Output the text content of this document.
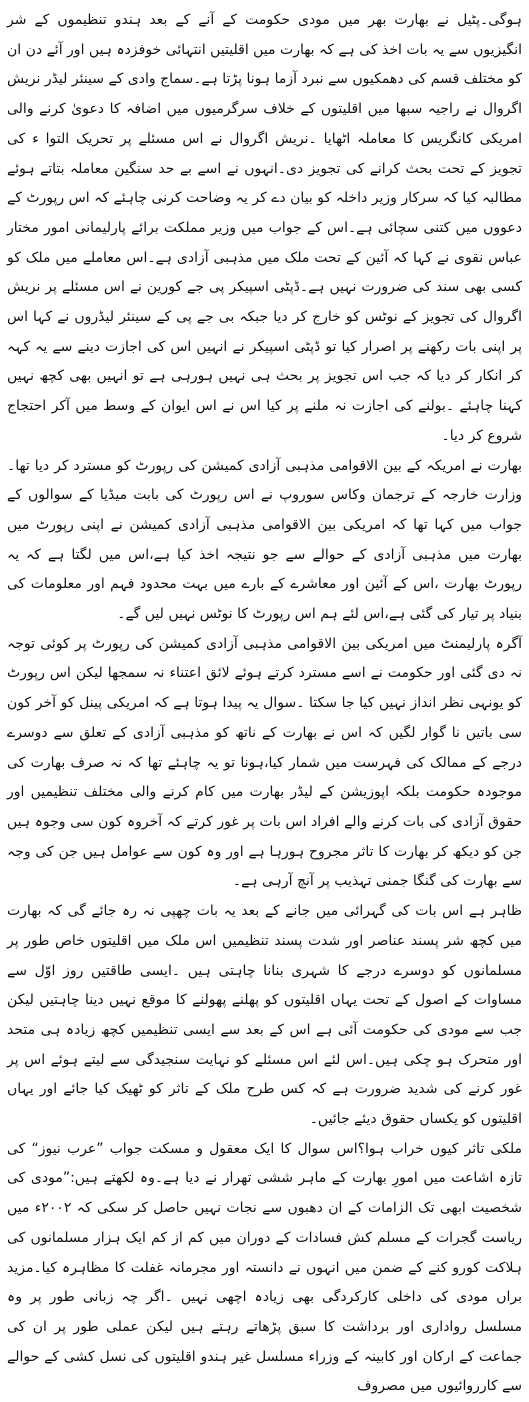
ہوگی۔پٹیل نے بھارت بھر میں مودی حکومت کے آنے کے بعد ہندو تنظیموں کے شر انگیزیوں سے یہ بات اخذ کی ہے کہ بھارت میں اقلیتیں انتہائی خوفزدہ ہیں اور آئے دن ان کو مختلف قسم کی دھمکیوں سے نبرد آزما ہونا پڑتا ہے۔سماج وادی کے سینئر لیڈر نریش اگروال نے راجیہ سبھا میں اقلیتوں کے خلاف سرگرمیوں میں اضافہ کا دعویٰ کرنے والی امریکی کانگریس کا معاملہ اٹھایا ۔نریش اگروال نے اس مسئلے پر تحریک التوا ء کی تجویز کے تحت بحث کرانے کی تجویز دی۔انہوں نے اسے بے حد سنگین معاملہ بتاتے ہوئے مطالبہ کیا کہ سرکار وزیر داخلہ کو بیان دے کر یہ وضاحت کرنی چاہئے کہ اس رپورٹ کے دعووں میں کتنی سچائی ہے۔اس کے جواب میں وزیر مملکت برائے پارلیمانی امور مختار عباس نقوی نے کہا کہ آئین کے تحت ملک میں مذہبی آزادی ہے۔اس معاملے میں ملک کو کسی بھی سند کی ضرورت نہیں ہے۔ڈپٹی اسپیکر پی جے کورین نے اس مسئلے پر نریش اگروال کی تجویز کے نوٹس کو خارج کر دیا جبکہ بی جے پی کے سینئر لیڈروں نے کہا اس پر اپنی بات رکھنے پر اصرار کیا تو ڈپٹی اسپیکر نے انہیں اس کی اجازت دینے سے یہ کہہ کر انکار کر دیا کہ جب اس تجویز پر بحث ہی نہیں ہورہی ہے تو انہیں بھی کچھ نہیں کہنا چاہئے ۔بولنے کی اجازت نہ ملنے پر کیا اس نے اس ایوان کے وسط میں آکر احتجاج شروع کر دیا۔

بھارت نے امریکہ کے بین الاقوامی مذہبی آزادی کمیشن کی رپورٹ کو مسترد کر دیا تھا۔وزارت خارجہ کے ترجمان وکاس سوروپ نے اس رپورٹ کی بابت میڈیا کے سوالوں کے جواب میں کہا تھا کہ امریکی بین الاقوامی مذہبی آزادی کمیشن نے اپنی رپورٹ میں بھارت میں مذہبی آزادی کے حوالے سے جو نتیجہ اخذ کیا ہے،اس میں لگتا ہے کہ یہ رپورٹ بھارت ،اس کے آئین اور معاشرے کے بارے میں بہت محدود فہم اور معلومات کی بنیاد پر تیار کی گئی ہے،اس لئے ہم اس رپورٹ کا نوٹس نہیں لیں گے۔

آگرہ پارلیمنٹ میں امریکی بین الاقوامی مذہبی آزادی کمیشن کی رپورٹ پر کوئی توجہ نہ دی گئی اور حکومت نے اسے مسترد کرتے ہوئے لائق اعتناء نہ سمجھا لیکن اس رپورٹ کو یونہی نظر انداز نہیں کیا جا سکتا ۔سوال یہ پیدا ہوتا ہے کہ امریکی پینل کو آخر کون سی باتیں نا گوار لگیں کہ اس نے بھارت کے ناتھ کو مذہبی آزادی کے تعلق سے دوسرے درجے کے ممالک کی فہرست میں شمار کیا،ہونا تو یہ چاہئے تھا کہ نہ صرف بھارت کی موجودہ حکومت بلکہ اپوزیشن کے لیڈر بھارت میں کام کرنے والی مختلف تنظیمیں اور حقوق آزادی کی بات کرنے والے افراد اس بات پر غور کرتے کہ آخروہ کون سی وجوہ ہیں جن کو دیکھ کر بھارت کا تاثر مجروح ہورہا ہے اور وہ کون سے عوامل ہیں جن کی وجہ سے بھارت کی گنگا جمنی تہذیب پر آنچ آرہی ہے۔

ظاہر ہے اس بات کی گہرائی میں جانے کے بعد یہ بات چھپی نہ رہ جائے گی کہ بھارت میں کچھ شر پسند عناصر اور شدت پسند تنظیمیں اس ملک میں اقلیتوں خاص طور پر مسلمانوں کو دوسرے درجے کا شہری بنانا چاہتی ہیں ۔ایسی طاقتیں روز اوّل سے مساوات کے اصول کے تحت یہاں اقلیتوں کو پھلنے پھولنے کا موقع نہیں دینا چاہتیں لیکن جب سے مودی کی حکومت آئی ہے اس کے بعد سے ایسی تنظیمیں کچھ زیادہ ہی متحد اور متحرک ہو چکی ہیں۔اس لئے اس مسئلے کو نہایت سنجیدگی سے لیتے ہوئے اس پر غور کرنے کی شدید ضرورت ہے کہ کس طرح ملک کے تاثر کو ٹھیک کیا جائے اور یہاں اقلیتوں کو یکساں حقوق دیئے جائیں۔

ملکی تاثر کیوں خراب ہوا؟اس سوال کا ایک معقول و مسکت جواب ”عرب نیوز“ کی تازہ اشاعت میں امورِ بھارت کے ماہر ششی تھرار نے دیا ہے۔وہ لکھتے ہیں:”مودی کی شخصیت ابھی تک الزامات کے ان دھبوں سے نجات نہیں حاصل کر سکی کہ ۲۰۰۲ء میں ریاست گجرات کے مسلم کش فسادات کے دوران میں کم از کم ایک ہزار مسلمانوں کی ہلاکت کورو کنے کے ضمن میں انہوں نے دانستہ اور مجرمانہ غفلت کا مظاہرہ کیا۔مزید براں مودی کی داخلی کارکردگی بھی زیادہ اچھی نہیں ۔اگر چہ زبانی طور پر وہ مسلسل رواداری اور برداشت کا سبق پڑھاتے رہتے ہیں لیکن عملی طور پر ان کی جماعت کے ارکان اور کابینہ کے وزراء مسلسل غیر ہندو اقلیتوں کی نسل کشی کے حوالے سے کارروائیوں میں مصروف
